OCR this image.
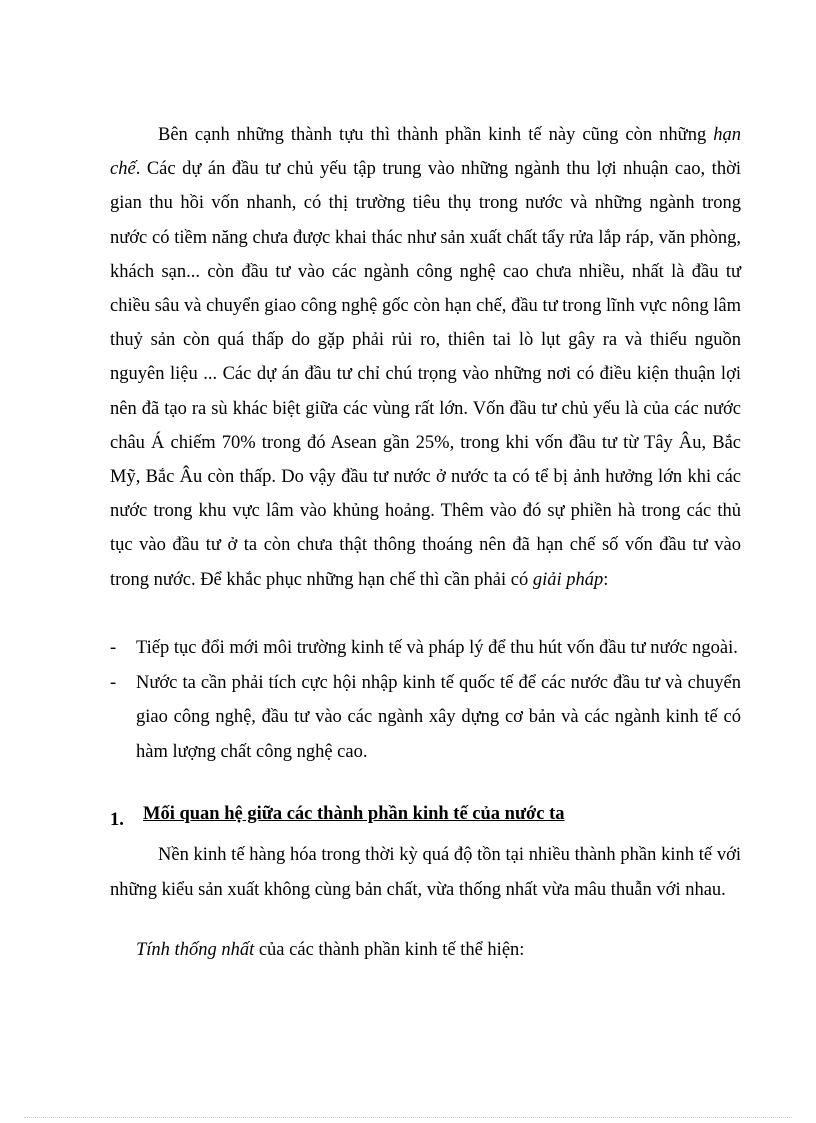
Bên cạnh những thành tựu thì thành phần kinh tế này cũng còn những hạn chế. Các dự án đầu tư chủ yếu tập trung vào những ngành thu lợi nhuận cao, thời gian thu hồi vốn nhanh, có thị trường tiêu thụ trong nước và những ngành trong nước có tiềm năng chưa được khai thác như sản xuất chất tẩy rửa lắp ráp, văn phòng, khách sạn... còn đầu tư vào các ngành công nghệ cao chưa nhiều, nhất là đầu tư chiều sâu và chuyển giao công nghệ gốc còn hạn chế, đầu tư trong lĩnh vực nông lâm thuỷ sản còn quá thấp do gặp phải rủi ro, thiên tai lò lụt gây ra và thiếu nguồn nguyên liệu ... Các dự án đầu tư chỉ chú trọng vào những nơi có điều kiện thuận lợi nên đã tạo ra sù khác biệt giữa các vùng rất lớn. Vốn đầu tư chủ yếu là của các nước châu Á chiếm 70% trong đó Asean gần 25%, trong khi vốn đầu tư từ Tây Âu, Bắc Mỹ, Bắc Âu còn thấp. Do vậy đầu tư nước ở nước ta có tể bị ảnh hưởng lớn khi các nước trong khu vực lâm vào khủng hoảng. Thêm vào đó sự phiền hà trong các thủ tục vào đầu tư ở ta còn chưa thật thông thoáng nên đã hạn chế số vốn đầu tư vào trong nước. Để khắc phục những hạn chế thì cần phải có giải pháp:

- Tiếp tục đổi mới môi trường kinh tế và pháp lý để thu hút vốn đầu tư nước ngoài.
- Nước ta cần phải tích cực hội nhập kinh tế quốc tế để các nước đầu tư và chuyển giao công nghệ, đầu tư vào các ngành xây dựng cơ bản và các ngành kinh tế có hàm lượng chất công nghệ cao.
1. Mối quan hệ giữa các thành phần kinh tế của nước ta

Nền kinh tế hàng hóa trong thời kỳ quá độ tồn tại nhiều thành phần kinh tế với những kiểu sản xuất không cùng bản chất, vừa thống nhất vừa mâu thuẫn với nhau.

Tính thống nhất của các thành phần kinh tế thể hiện:
